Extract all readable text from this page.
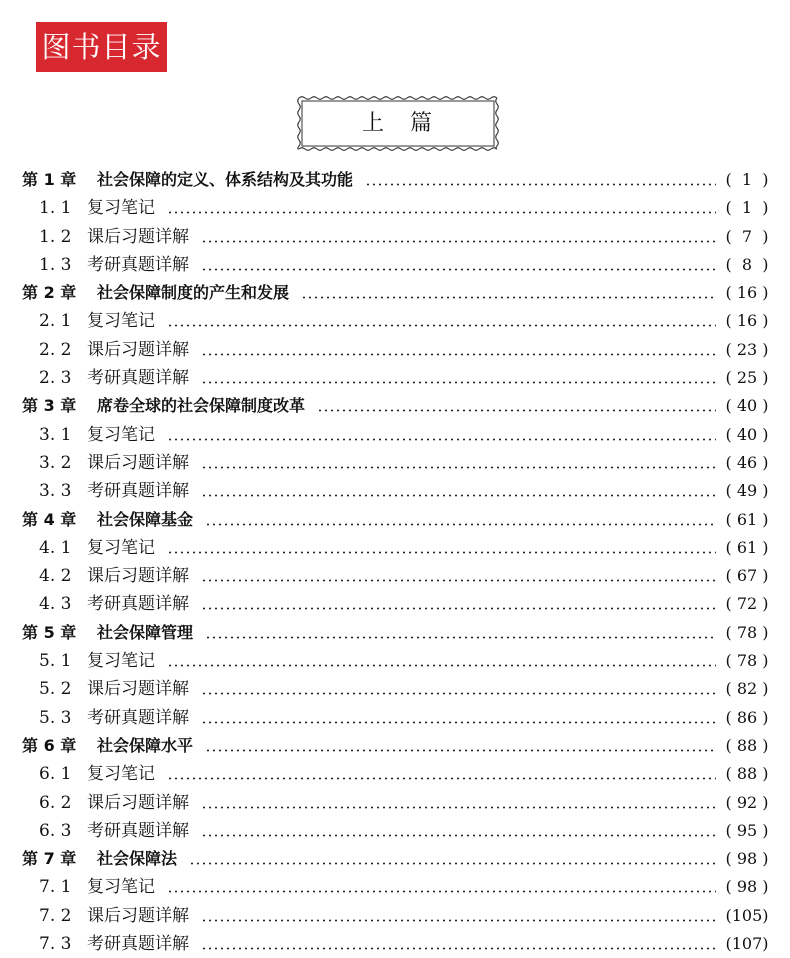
图书目录
上　篇
第 1 章 社会保障的定义、体系结构及其功能	(  1  )
1. 1 复习笔记	(  1  )
1. 2 课后习题详解	(  7  )
1. 3 考研真题详解	(  8  )
第 2 章 社会保障制度的产生和发展	( 16 )
2. 1 复习笔记	( 16 )
2. 2 课后习题详解	( 23 )
2. 3 考研真题详解	( 25 )
第 3 章 席卷全球的社会保障制度改革	( 40 )
3. 1 复习笔记	( 40 )
3. 2 课后习题详解	( 46 )
3. 3 考研真题详解	( 49 )
第 4 章 社会保障基金	( 61 )
4. 1 复习笔记	( 61 )
4. 2 课后习题详解	( 67 )
4. 3 考研真题详解	( 72 )
第 5 章 社会保障管理	( 78 )
5. 1 复习笔记	( 78 )
5. 2 课后习题详解	( 82 )
5. 3 考研真题详解	( 86 )
第 6 章 社会保障水平	( 88 )
6. 1 复习笔记	( 88 )
6. 2 课后习题详解	( 92 )
6. 3 考研真题详解	( 95 )
第 7 章 社会保障法	( 98 )
7. 1 复习笔记	( 98 )
7. 2 课后习题详解	(105)
7. 3 考研真题详解	(107)
